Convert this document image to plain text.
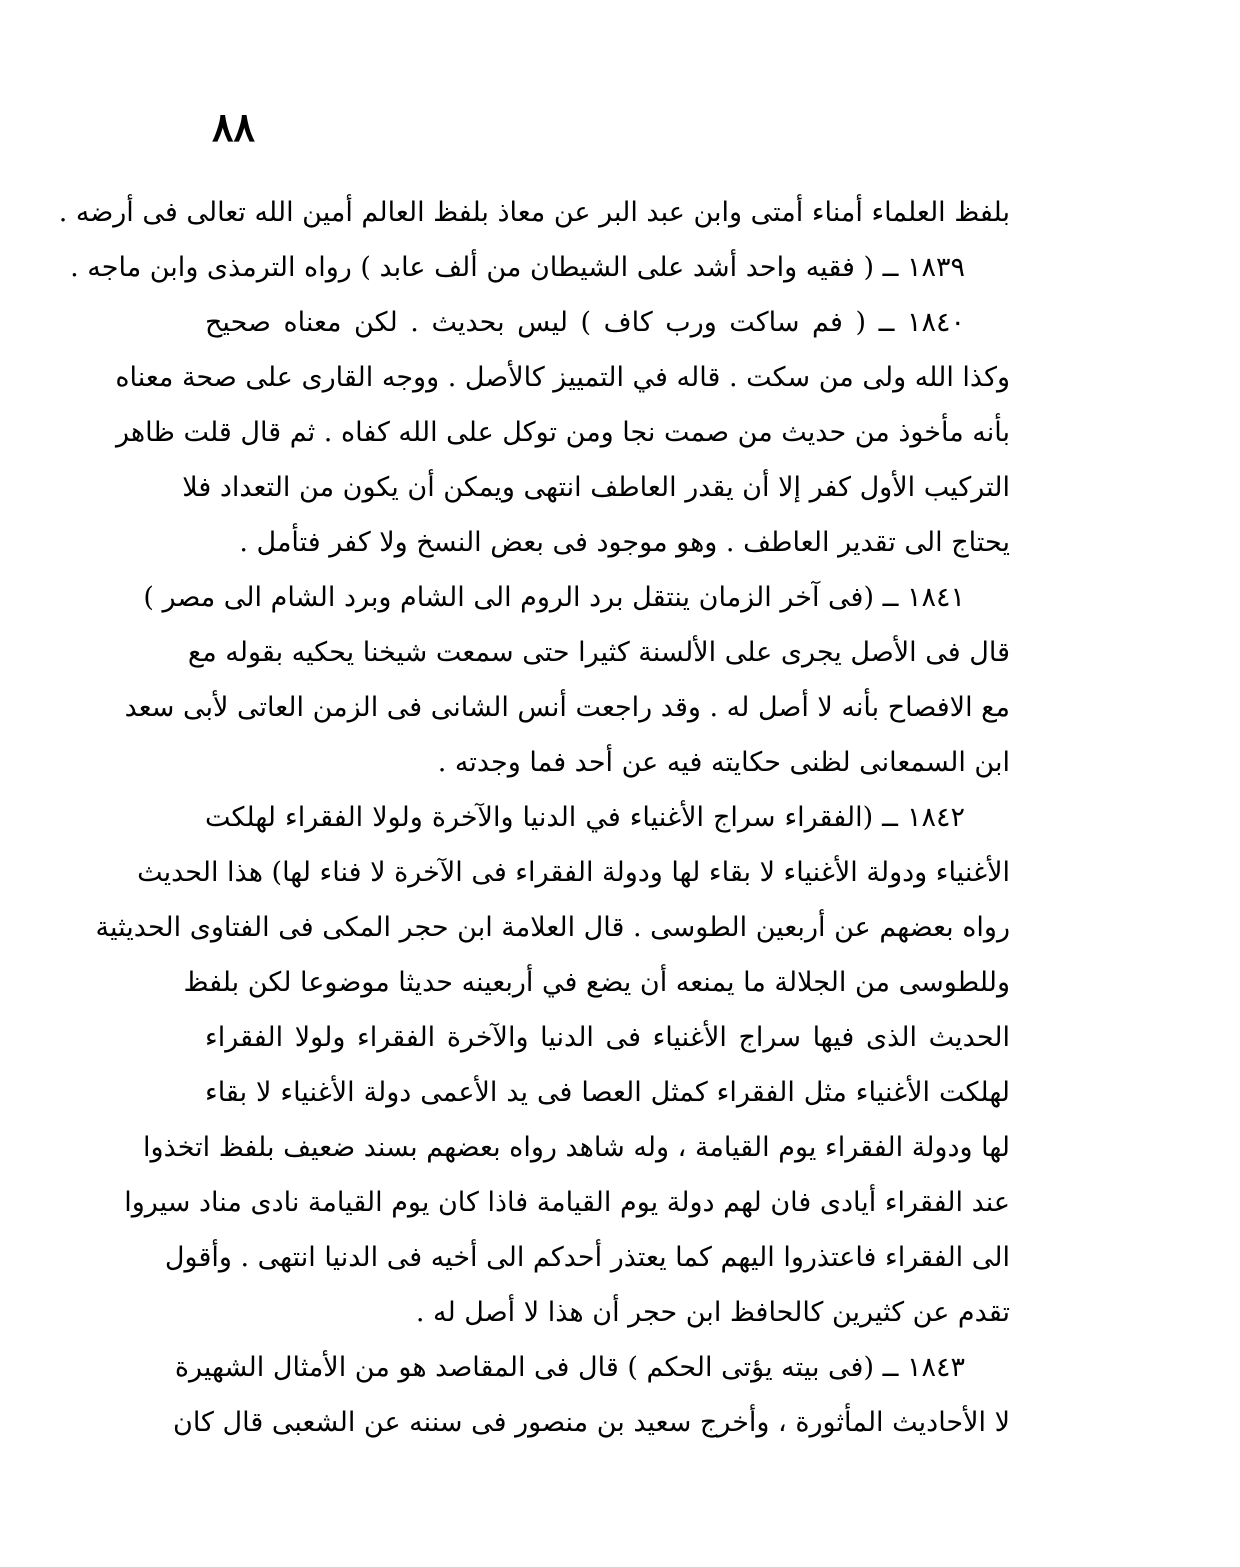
٨٨
بلفظ العلماء أمناء أمتى وابن عبد البر عن معاذ بلفظ العالم أمين الله تعالى فى أرضه .
١٨٣٩ ــ ( فقيه واحد أشد على الشيطان من ألف عابد ) رواه الترمذى وابن ماجه .
١٨٤٠ ــ ( فم ساكت ورب كاف ) ليس بحديث . لكن معناه صحيح
وكذا الله ولى من سكت . قاله في التمييز كالأصل . ووجه القارى على صحة معناه
بأنه مأخوذ من حديث من صمت نجا ومن توكل على الله كفاه . ثم قال قلت ظاهر
التركيب الأول كفر إلا أن يقدر العاطف انتهى ويمكن أن يكون من التعداد فلا
يحتاج الى تقدير العاطف . وهو موجود فى بعض النسخ ولا كفر فتأمل .
١٨٤١ ــ (فى آخر الزمان ينتقل برد الروم الى الشام وبرد الشام الى مصر )
قال فى الأصل يجرى على الألسنة كثيرا حتى سمعت شيخنا يحكيه بقوله مع
مع الافصاح بأنه لا أصل له . وقد راجعت أنس الشانى فى الزمن العاتى لأبى سعد
ابن السمعانى لظنى حكايته فيه عن أحد فما وجدته .
١٨٤٢ ــ (الفقراء سراج الأغنياء في الدنيا والآخرة ولولا الفقراء لهلكت
الأغنياء ودولة الأغنياء لا بقاء لها ودولة الفقراء فى الآخرة لا فناء لها) هذا الحديث
رواه بعضهم عن أربعين الطوسى . قال العلامة ابن حجر المكى فى الفتاوى الحديثية
وللطوسى من الجلالة ما يمنعه أن يضع في أربعينه حديثا موضوعا لكن بلفظ
الحديث الذى فيها سراج الأغنياء فى الدنيا والآخرة الفقراء ولولا الفقراء
لهلكت الأغنياء مثل الفقراء كمثل العصا فى يد الأعمى دولة الأغنياء لا بقاء
لها ودولة الفقراء يوم القيامة ، وله شاهد رواه بعضهم بسند ضعيف بلفظ اتخذوا
عند الفقراء أيادى فان لهم دولة يوم القيامة فاذا كان يوم القيامة نادى مناد سيروا
الى الفقراء فاعتذروا اليهم كما يعتذر أحدكم الى أخيه فى الدنيا انتهى . وأقول
تقدم عن كثيرين كالحافظ ابن حجر أن هذا لا أصل له .
١٨٤٣ ــ (فى بيته يؤتى الحكم ) قال فى المقاصد هو من الأمثال الشهيرة
لا الأحاديث المأثورة ، وأخرج سعيد بن منصور فى سننه عن الشعبى قال كان
